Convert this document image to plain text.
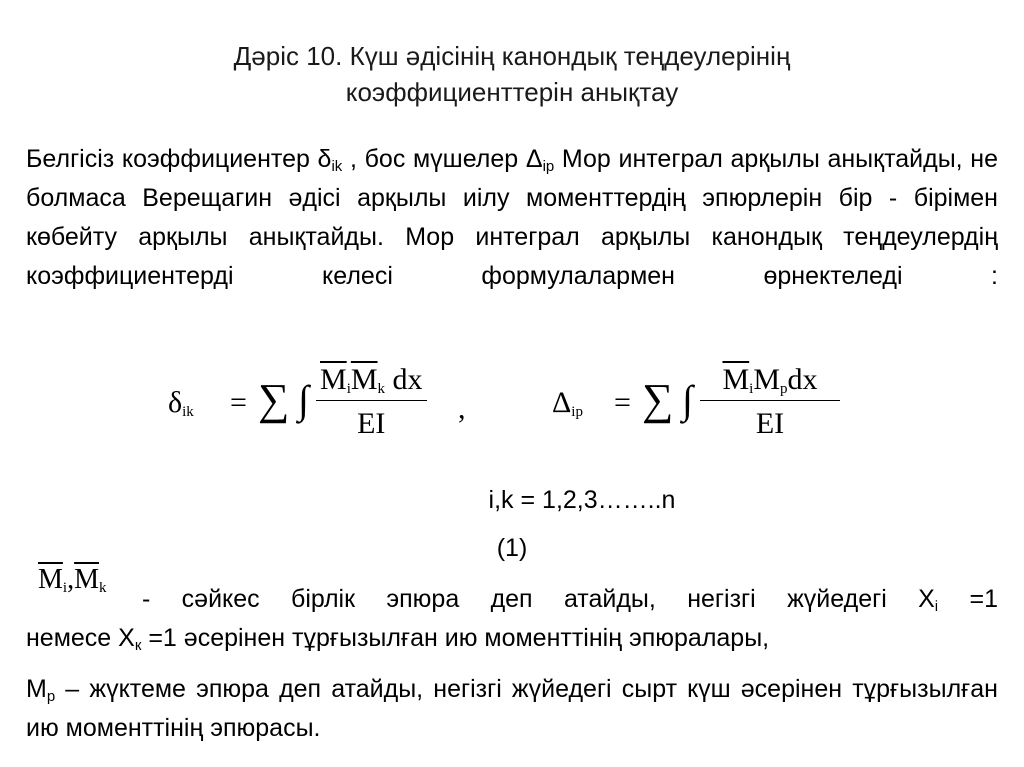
Дәріс 10. Күш әдісінің канондық теңдеулерінің
коэффициенттерін анықтау
Белгісіз коэффициентер $\delta_{ik}$ , бос мүшелер $\Delta_{ip}$ Мор интеграл арқылы анықтайды, не болмаса Верещагин әдісі арқылы иілу моменттердің эпюрлерін бір - бірімен көбейту арқылы анықтайды. Мор интеграл арқылы канондық теңдеулердің коэффициентерді келесі формулалармен өрнектеледі :
$\delta_{ik}$ = ∑ ∫ $\overline{M}_i\overline{M}_k$ dx
EI	,	$\Delta_{ip}$ = ∑ ∫ $\overline{M}_iM_pdx$
EI
i,k = 1,2,3……..n
(1)
$\overline{M}_i,\overline{M}_k$	- сәйкес бірлік эпюра деп атайды, негізгі жүйедегі $Х_і =1$
немесе $Х_к =1$ әсерінен тұрғызылған ию моменттінің эпюралары,
$М_р$ – жүктеме эпюра деп атайды, негізгі жүйедегі сырт күш әсерінен тұрғызылған ию моменттінің эпюрасы.
